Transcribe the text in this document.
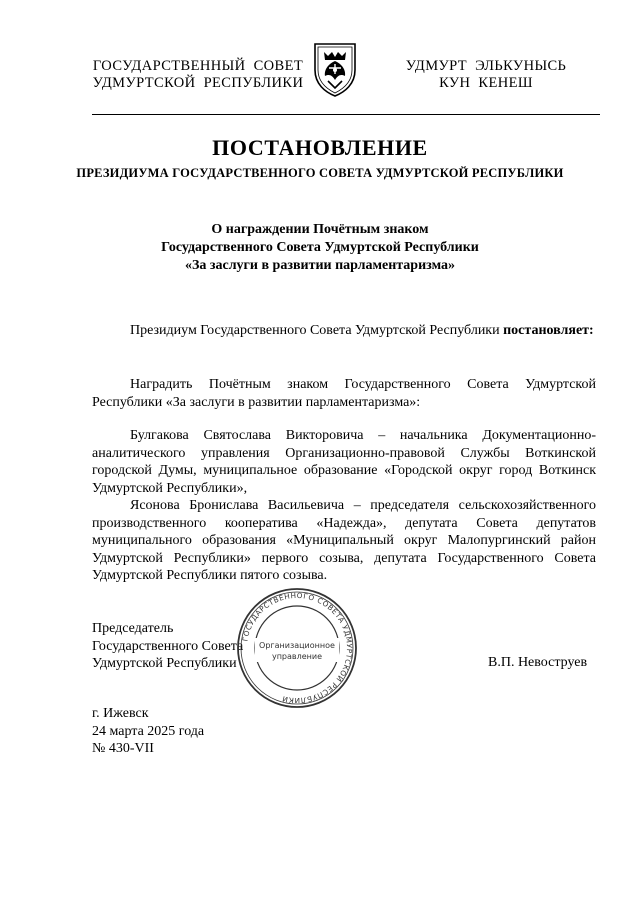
ГОСУДАРСТВЕННЫЙ  СОВЕТ
УДМУРТСКОЙ  РЕСПУБЛИКИ
УДМУРТ  ЭЛЬКУНЫСЬ
КУН  КЕНЕШ
ПОСТАНОВЛЕНИЕ
ПРЕЗИДИУМА ГОСУДАРСТВЕННОГО СОВЕТА УДМУРТСКОЙ РЕСПУБЛИКИ
О награждении Почётным знаком
Государственного Совета Удмуртской Республики
«За заслуги в развитии парламентаризма»

Президиум Государственного Совета Удмуртской Республики постановляет:

Наградить Почётным знаком Государственного Совета Удмуртской Республики «За заслуги в развитии парламентаризма»:

Булгакова Святослава Викторовича – начальника Документационно-аналитического управления Организационно-правовой Службы Воткинской городской Думы, муниципальное образование «Городской округ город Воткинск Удмуртской Республики»,

Ясонова Бронислава Васильевича – председателя сельскохозяйственного производственного кооператива «Надежда», депутата Совета депутатов муниципального образования «Муниципальный округ Малопургинский район Удмуртской Республики» первого созыва, депутата Государственного Совета Удмуртской Республики пятого созыва.

Председатель
Государственного Совета
Удмуртской Республики	В.П. Невоструев
ГОСУДАРСТВЕННОГО СОВЕТА УДМУРТСКОЙ РЕСПУБЛИКИ
Организационное
управление
г. Ижевск
24 марта 2025 года
№ 430-VII
